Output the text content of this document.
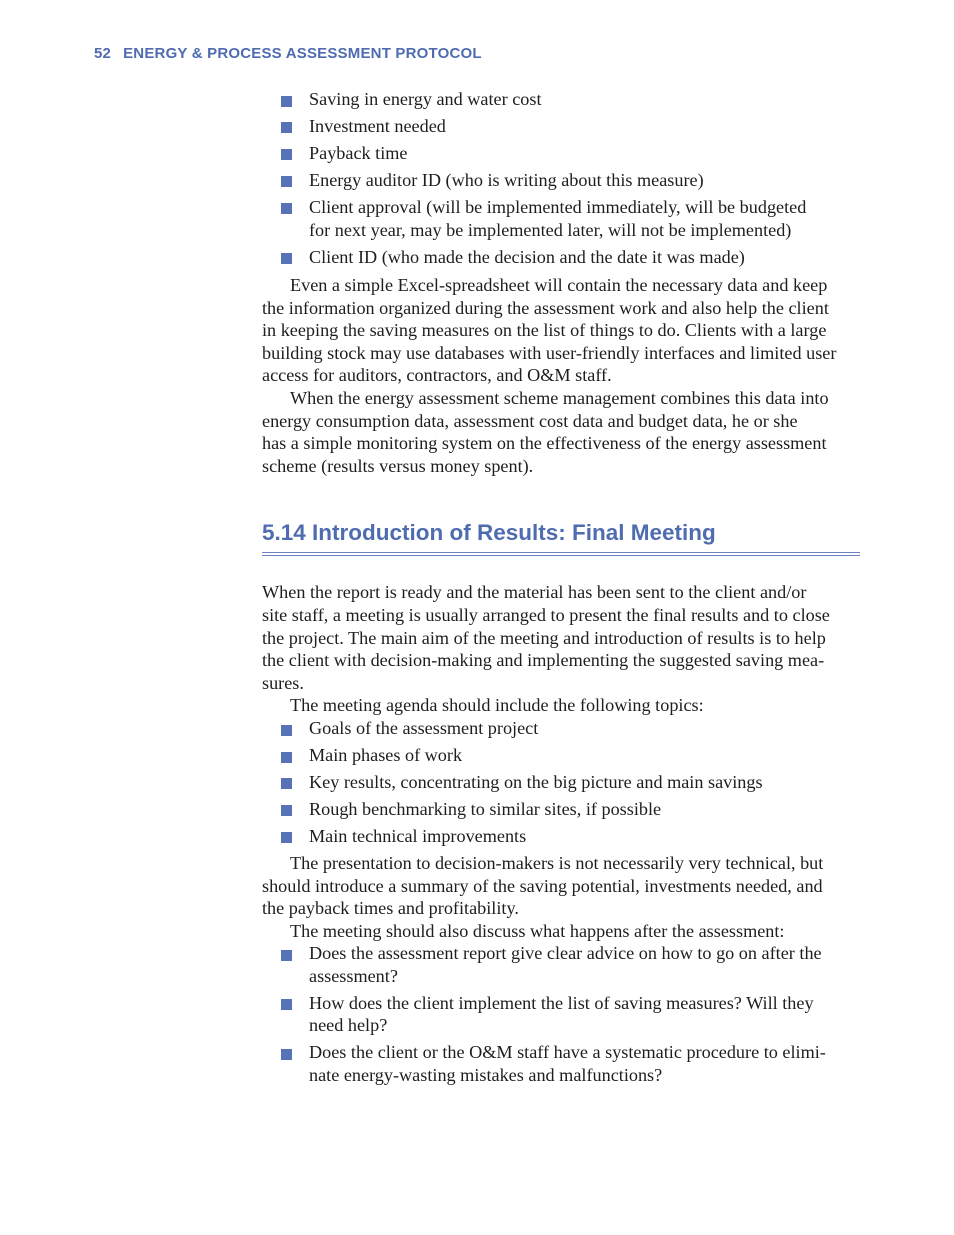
52 ENERGY & PROCESS ASSESSMENT PROTOCOL
Saving in energy and water cost
Investment needed
Payback time
Energy auditor ID (who is writing about this measure)
Client approval (will be implemented immediately, will be budgeted
for next year, may be implemented later, will not be implemented)
Client ID (who made the decision and the date it was made)

Even a simple Excel-spreadsheet will contain the necessary data and keep
the information organized during the assessment work and also help the client
in keeping the saving measures on the list of things to do. Clients with a large
building stock may use databases with user-friendly interfaces and limited user
access for auditors, contractors, and O&M staff.

When the energy assessment scheme management combines this data into
energy consumption data, assessment cost data and budget data, he or she
has a simple monitoring system on the effectiveness of the energy assessment
scheme (results versus money spent).

5.14 Introduction of Results: Final Meeting

When the report is ready and the material has been sent to the client and/or
site staff, a meeting is usually arranged to present the final results and to close
the project. The main aim of the meeting and introduction of results is to help
the client with decision-making and implementing the suggested saving mea-
sures.

The meeting agenda should include the following topics:

Goals of the assessment project
Main phases of work
Key results, concentrating on the big picture and main savings
Rough benchmarking to similar sites, if possible
Main technical improvements

The presentation to decision-makers is not necessarily very technical, but
should introduce a summary of the saving potential, investments needed, and
the payback times and profitability.

The meeting should also discuss what happens after the assessment:

Does the assessment report give clear advice on how to go on after the
assessment?
How does the client implement the list of saving measures? Will they
need help?
Does the client or the O&M staff have a systematic procedure to elimi-
nate energy-wasting mistakes and malfunctions?
